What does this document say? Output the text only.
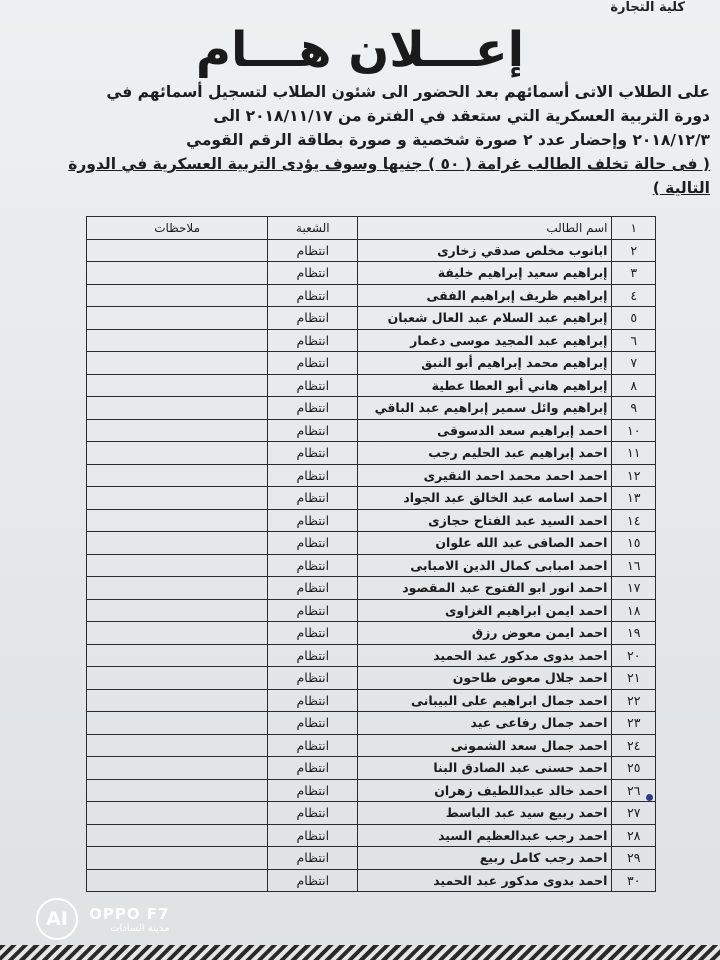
كلية التجارة
إعـــلان هـــام

على الطلاب الاتى أسمائهم بعد الحضور الى شئون الطلاب لتسجيل أسمائهم في

دورة التربية العسكرية التي ستعقد في الفترة من ٢٠١٨/١١/١٧ الى

٢٠١٨/١٢/٣ وإحضار عدد ٢ صورة شخصية و صورة بطاقة الرقم القومي

( فى حالة تخلف الطالب غرامة ( ٥٠ ) جنيها وسوف يؤدى التربية العسكرية في الدورة التالية )

١	اسم الطالب	الشعبة	ملاحظات
٢	ابانوب مخلص صدقي زخارى	انتظام	
٣	إبراهيم سعيد إبراهيم خليفة	انتظام	
٤	إبراهيم ظريف إبراهيم الفقى	انتظام	
٥	إبراهيم عبد السلام عبد العال شعبان	انتظام	
٦	إبراهيم عبد المجيد موسى دغمار	انتظام	
٧	إبراهيم محمد إبراهيم أبو النبق	انتظام	
٨	إبراهيم هاني أبو العطا عطية	انتظام	
٩	إبراهيم وائل سمير إبراهيم عبد الباقي	انتظام	
١٠	احمد إبراهيم سعد الدسوقى	انتظام	
١١	احمد إبراهيم عبد الحليم رجب	انتظام	
١٢	احمد احمد محمد احمد النقيرى	انتظام	
١٣	احمد اسامه عبد الخالق عبد الجواد	انتظام	
١٤	احمد السيد عبد الفتاح حجازى	انتظام	
١٥	احمد الصافى عبد الله علوان	انتظام	
١٦	احمد امبابى كمال الدين الامبابى	انتظام	
١٧	احمد انور ابو الفتوح عبد المقصود	انتظام	
١٨	احمد ايمن ابراهيم الغزاوى	انتظام	
١٩	احمد ايمن معوض رزق	انتظام	
٢٠	احمد بدوى مدكور عبد الحميد	انتظام	
٢١	احمد جلال معوض طاحون	انتظام	
٢٢	احمد جمال ابراهيم على البيبانى	انتظام	
٢٣	احمد جمال رفاعى عيد	انتظام	
٢٤	احمد جمال سعد الشمونى	انتظام	
٢٥	احمد حسنى عبد الصادق البنا	انتظام	
٢٦	احمد خالد عبداللطيف زهران	انتظام	
٢٧	احمد ربيع سيد عبد الباسط	انتظام	
٢٨	احمد رجب عبدالعظيم السيد	انتظام	
٢٩	احمد رجب كامل ربيع	انتظام	
٣٠	احمد بدوى مدكور عبد الحميد	انتظام	
AI OPPO F7
مدينة السادات
